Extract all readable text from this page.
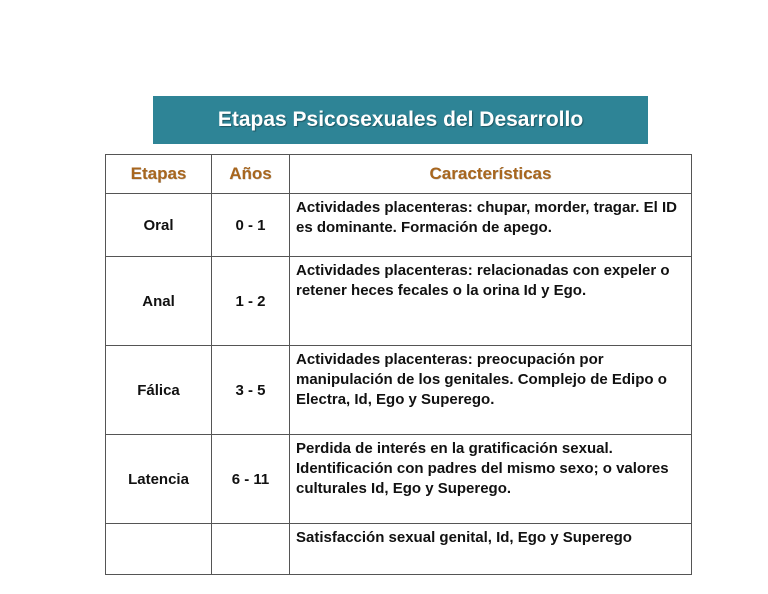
Etapas Psicosexuales del Desarrollo
Etapas	Años	Características
Oral	0 - 1	Actividades placenteras: chupar, morder, tragar. El ID es dominante. Formación de apego.
Anal	1 - 2	Actividades placenteras: relacionadas con expeler o retener heces fecales o la orina Id y Ego.
Fálica	3 - 5	Actividades placenteras: preocupación por manipulación de los genitales. Complejo de Edipo o Electra, Id, Ego y Superego.
Latencia	6 - 11	Perdida de interés en la gratificación sexual. Identificación con padres del mismo sexo; o valores culturales Id, Ego y Superego.
		Satisfacción sexual genital, Id, Ego y Superego
